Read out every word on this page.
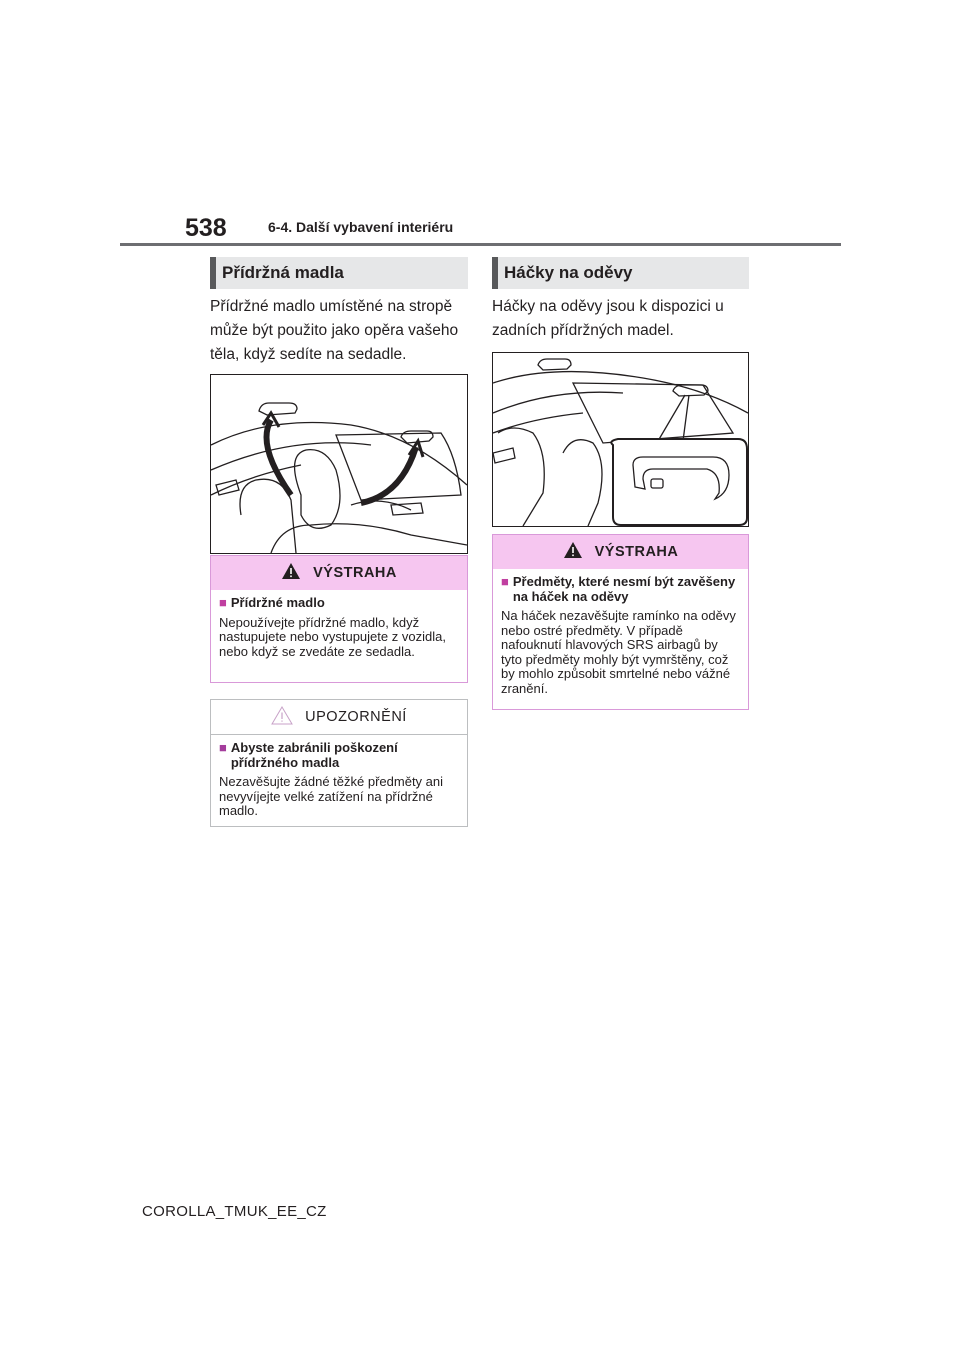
538	6-4. Další vybavení interiéru
Přídržná madla
Přídržné madlo umístěné na stropě může být použito jako opěra vašeho těla, když sedíte na sedadle.
VÝSTRAHA
■ Přídržné madlo
Nepoužívejte přídržné madlo, když nastupujete nebo vystupujete z vozidla, nebo když se zvedáte ze sedadla.
UPOZORNĚNÍ
■ Abyste zabránili poškození přídržného madla
Nezavěšujte žádné těžké předměty ani nevyvíjejte velké zatížení na přídržné madlo.
Háčky na oděvy
Háčky na oděvy jsou k dispozici u zadních přídržných madel.
VÝSTRAHA
■ Předměty, které nesmí být zavěšeny na háček na oděvy
Na háček nezavěšujte ramínko na oděvy nebo ostré předměty. V případě nafouknutí hlavových SRS airbagů by tyto předměty mohly být vymrštěny, což by mohlo způsobit smrtelné nebo vážné zranění.
COROLLA_TMUK_EE_CZ
